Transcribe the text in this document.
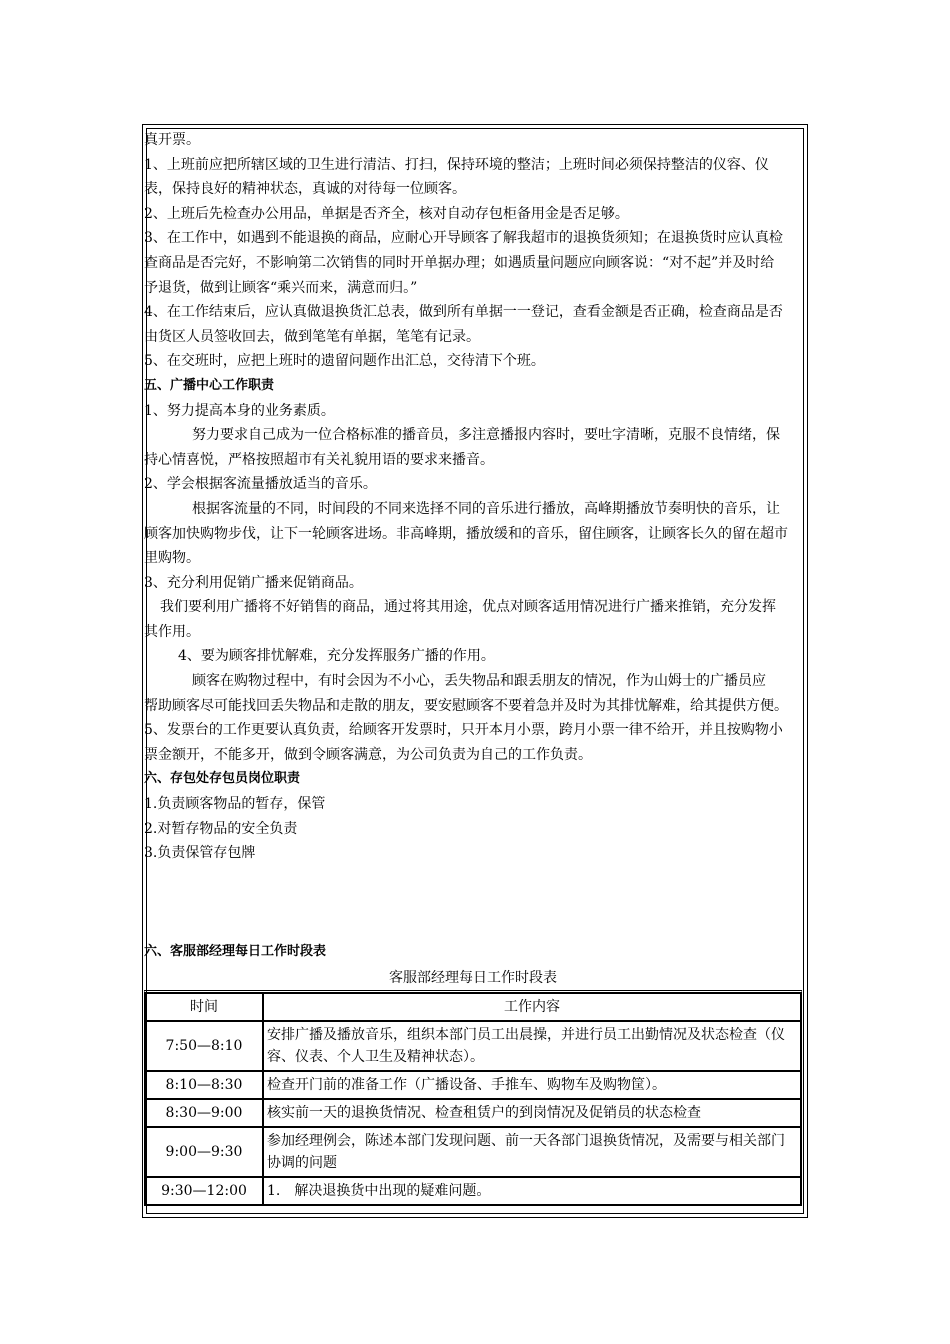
真开票。
1、上班前应把所辖区域的卫生进行清洁、打扫，保持环境的整洁；上班时间必须保持整洁的仪容、仪
表，保持良好的精神状态，真诚的对待每一位顾客。
2、上班后先检查办公用品，单据是否齐全，核对自动存包柜备用金是否足够。
3、在工作中，如遇到不能退换的商品，应耐心开导顾客了解我超市的退换货须知；在退换货时应认真检
查商品是否完好，不影响第二次销售的同时开单据办理；如遇质量问题应向顾客说：“对不起”并及时给
予退货，做到让顾客“乘兴而来，满意而归。”
4、在工作结束后，应认真做退换货汇总表，做到所有单据一一登记，查看金额是否正确，检查商品是否
由货区人员签收回去，做到笔笔有单据，笔笔有记录。
5、在交班时，应把上班时的遗留问题作出汇总，交待清下个班。
五、广播中心工作职责
1、努力提高本身的业务素质。
努力要求自己成为一位合格标准的播音员，多注意播报内容时，要吐字清晰，克服不良情绪，保
持心情喜悦，严格按照超市有关礼貌用语的要求来播音。
2、学会根据客流量播放适当的音乐。
根据客流量的不同，时间段的不同来选择不同的音乐进行播放，高峰期播放节奏明快的音乐，让
顾客加快购物步伐，让下一轮顾客进场。非高峰期，播放缓和的音乐，留住顾客，让顾客长久的留在超市
里购物。
3、充分利用促销广播来促销商品。
我们要利用广播将不好销售的商品，通过将其用途，优点对顾客适用情况进行广播来推销，充分发挥
其作用。
4、要为顾客排忧解难，充分发挥服务广播的作用。
顾客在购物过程中，有时会因为不小心，丢失物品和跟丢朋友的情况，作为山姆士的广播员应
帮助顾客尽可能找回丢失物品和走散的朋友，要安慰顾客不要着急并及时为其排忧解难，给其提供方便。
5、发票台的工作更要认真负责，给顾客开发票时，只开本月小票，跨月小票一律不给开，并且按购物小
票金额开，不能多开，做到令顾客满意，为公司负责为自己的工作负责。
六、存包处存包员岗位职责
1.负责顾客物品的暂存，保管
2.对暂存物品的安全负责
3.负责保管存包牌
六、客服部经理每日工作时段表
客服部经理每日工作时段表
时间	工作内容
7:50—8:10	安排广播及播放音乐，组织本部门员工出晨操，并进行员工出勤情况及状态检查（仪容、仪表、个人卫生及精神状态）。
8:10—8:30	检查开门前的准备工作（广播设备、手推车、购物车及购物筐）。
8:30—9:00	核实前一天的退换货情况、检查租赁户的到岗情况及促销员的状态检查
9:00—9:30	参加经理例会，陈述本部门发现问题、前一天各部门退换货情况，及需要与相关部门协调的问题
9:30—12:00	1.　解决退换货中出现的疑难问题。
